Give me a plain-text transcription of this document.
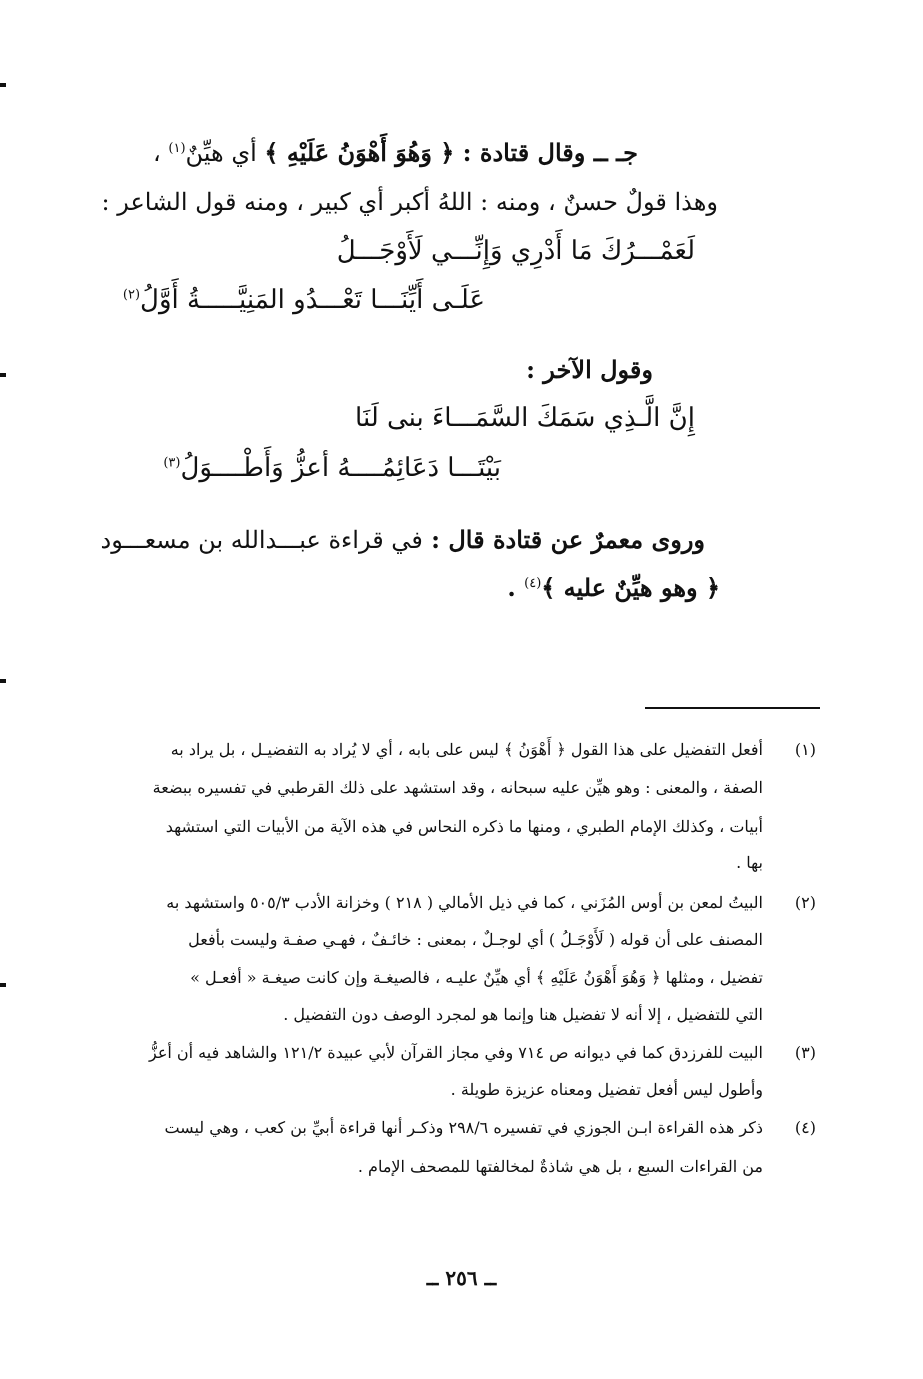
جـ ــ وقال قتادة : ﴿ وَهُوَ أَهْوَنُ عَلَيْهِ ﴾ أي هيِّنٌ$^{(١)}$ ،
وهذا قولٌ حسنٌ ، ومنه : اللهُ أكبر أي كبير ، ومنه قول الشاعر :
لَعَمْـــرُكَ مَا أَدْرِي وَإِنِّـــي لَأَوْجَـــلُ
عَلَـى أَيِّنَـــا تَعْـــدُو المَنِيَّـــــةُ أَوَّلُ$^{(٢)}$
وقول الآخر :
إِنَّ الَّـذِي سَمَكَ السَّمَـــاءَ بنى لَنَا
بَيْتَـــا دَعَائِمُــــهُ أعزُّ وَأَطْــــوَلُ$^{(٣)}$
وروى معمرٌ عن قتادة قال : في قراءة عبـــدالله بن مسعـــود
﴿ وهو هيِّنٌ عليه ﴾$^{(٤)}$ .
(١)
أفعل التفضيل على هذا القول ﴿ أَهْوَنُ ﴾ ليس على بابه ، أي لا يُراد به التفضيـل ، بل يراد به
الصفة ، والمعنى : وهو هيِّن عليه سبحانه ، وقد استشهد على ذلك القرطبي في تفسيره ببضعة
أبيات ، وكذلك الإمام الطبري ، ومنها ما ذكره النحاس في هذه الآية من الأبيات التي استشهد
بها .
(٢)
البيتُ لمعن بن أوس المُزَني ، كما في ذيل الأمالي ( ٢١٨ ) وخزانة الأدب ٥٠٥/٣ واستشهد به
المصنف على أن قوله ( لَأَوْجَـلُ ) أي لوجـلٌ ، بمعنى : خائـفٌ ، فهـي صفـة وليست بأفعل
تفضيل ، ومثلها ﴿ وَهُوَ أَهْوَنُ عَلَيْهِ ﴾ أي هيِّنٌ عليـه ، فالصيغـة وإن كانت صيغـة « أفعـل »
التي للتفضيل ، إلا أنه لا تفضيل هنا وإنما هو لمجرد الوصف دون التفضيل .
(٣)
البيت للفرزدق كما في ديوانه ص ٧١٤ وفي مجاز القرآن لأبي عبيدة ١٢١/٢ والشاهد فيه أن أعزُّ
وأطول ليس أفعل تفضيل ومعناه عزيزة طويلة .
(٤)
ذكر هذه القراءة ابـن الجوزي في تفسيره ٢٩٨/٦ وذكـر أنها قراءة أبيِّ بن كعب ، وهي ليست
من القراءات السبع ، بل هي شاذةٌ لمخالفتها للمصحف الإمام .
ــ ٢٥٦ ــ
